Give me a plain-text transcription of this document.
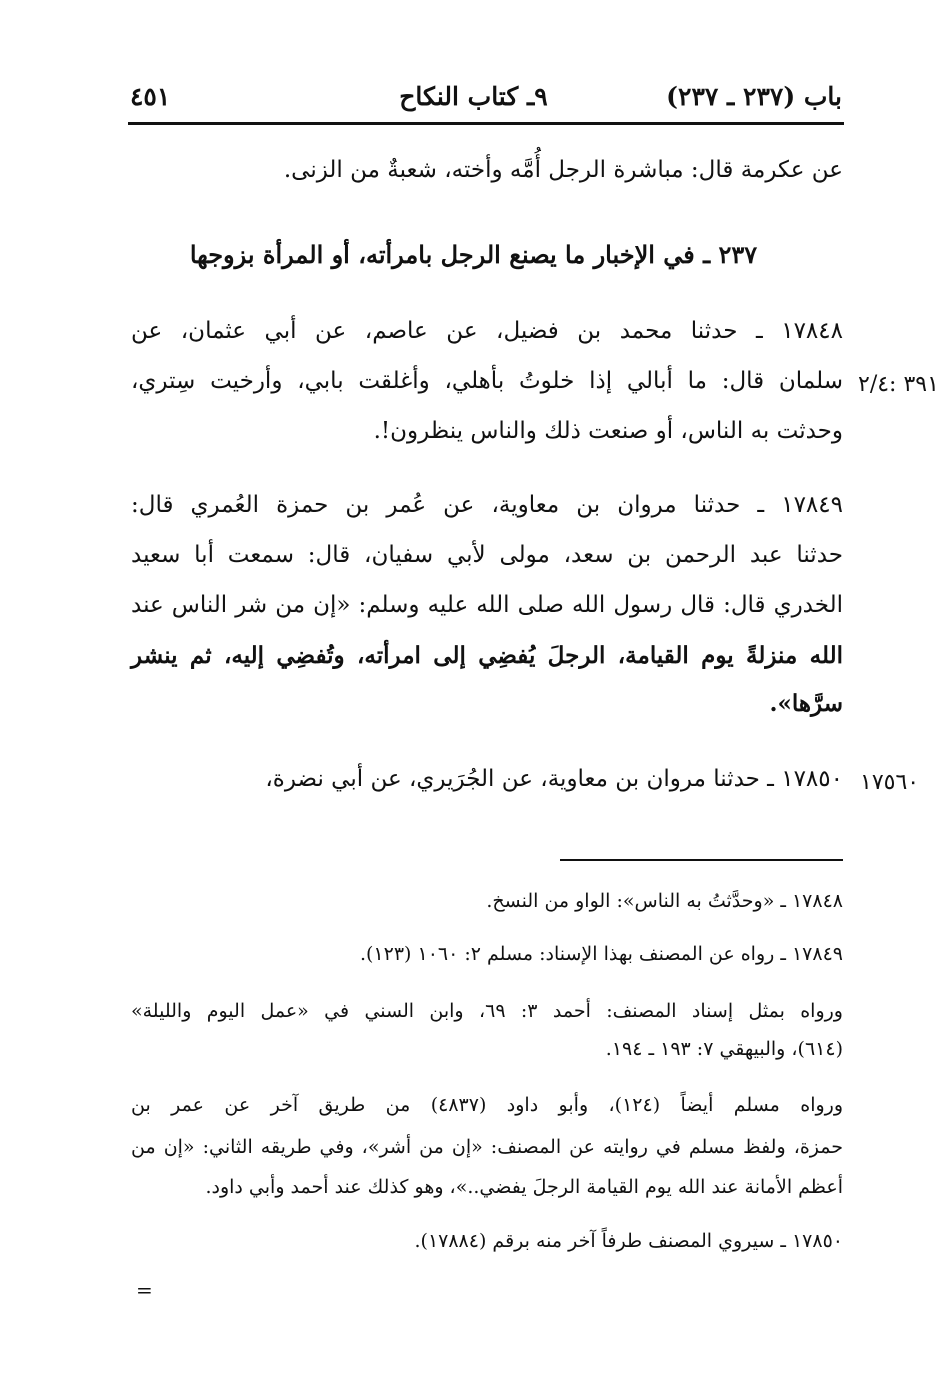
باب (٢٣٧ ـ ٢٣٧)
٩ـ كتاب النكاح
٤٥١
عن عكرمة قال: مباشرة الرجل أُمَّه وأخته، شعبةٌ من الزنى.
٢٣٧ ـ في الإخبار ما يصنع الرجل بامرأته، أو المرأة بزوجها
١٧٨٤٨ ـ حدثنا محمد بن فضيل، عن عاصم، عن أبي عثمان، عن
سلمان قال: ما أبالي إذا خلوتُ بأهلي، وأغلقت بابي، وأرخيت سِتري،
وحدثت به الناس، أو صنعت ذلك والناس ينظرون!.
٣٩١ :٢/٤
١٧٨٤٩ ـ حدثنا مروان بن معاوية، عن عُمر بن حمزة العُمري قال:
حدثنا عبد الرحمن بن سعد، مولى لأبي سفيان، قال: سمعت أبا سعيد
الخدري قال: قال رسول الله صلى الله عليه وسلم: «إن من شر الناس عند
الله منزلةً يوم القيامة، الرجلَ يُفضِي إلى امرأته، وتُفضِي إليه، ثم ينشر
سرَّها».
١٧٨٥٠ ـ حدثنا مروان بن معاوية، عن الجُرَيري، عن أبي نضرة، ١٧٥٦٠
١٧٨٤٨ ـ «وحدَّثتُ به الناس»: الواو من النسخ.
١٧٨٤٩ ـ رواه عن المصنف بهذا الإسناد: مسلم ٢: ١٠٦٠ (١٢٣).
ورواه بمثل إسناد المصنف: أحمد ٣: ٦٩، وابن السني في «عمل اليوم والليلة»
(٦١٤)، والبيهقي ٧: ١٩٣ ـ ١٩٤.
ورواه مسلم أيضاً (١٢٤)، وأبو داود (٤٨٣٧) من طريق آخر عن عمر بن
حمزة، ولفظ مسلم في روايته عن المصنف: «إن من أشر»، وفي طريقه الثاني: «إن من
أعظم الأمانة عند الله يوم القيامة الرجلَ يفضي..»، وهو كذلك عند أحمد وأبي داود.
١٧٨٥٠ ـ سيروي المصنف طرفاً آخر منه برقم (١٧٨٨٤).
=
